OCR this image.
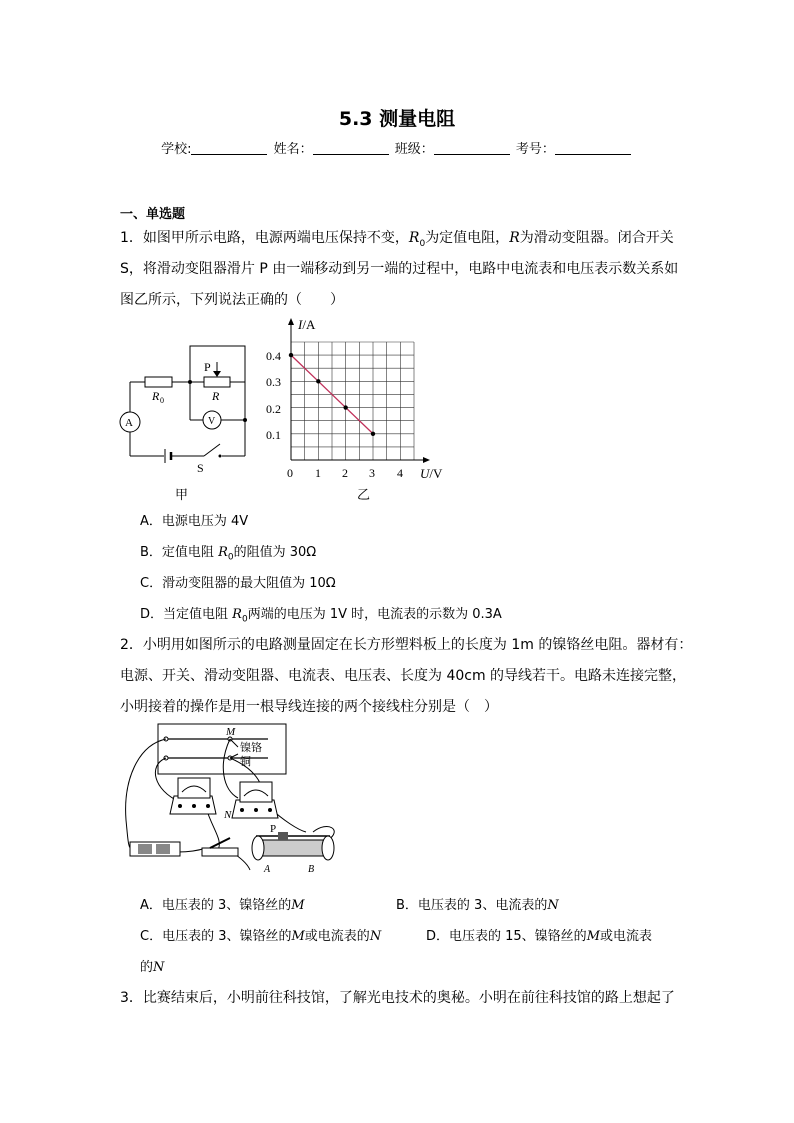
5.3 测量电阻
学校:	姓名：	班级：	考号：
一、单选题
1．如图甲所示电路，电源两端电压保持不变，$R_0$为定值电阻，R为滑动变阻器。闭合开关
S，将滑动变阻器滑片 P 由一端移动到另一端的过程中，电路中电流表和电压表示数关系如
图乙所示，下列说法正确的（　　）
P
R 0	R
A	V
S
甲
I/A
U/V
0.4
0.3
0.2
0.1
0 1 2 3 4
乙
A．电源电压为 4V
B．定值电阻 $R_0$的阻值为 30Ω
C．滑动变阻器的最大阻值为 10Ω
D．当定值电阻 $R_0$两端的电压为 1V 时，电流表的示数为 0.3A
2．小明用如图所示的电路测量固定在长方形塑料板上的长度为 1m 的镍铬丝电阻。器材有：
电源、开关、滑动变阻器、电流表、电压表、长度为 40cm 的导线若干。电路未连接完整，
小明接着的操作是用一根导线连接的两个接线柱分别是（　）
M
镍铬
铜
N
P
A	B
A．电压表的 3、镍铬丝的M	B．电压表的 3、电流表的N
C．电压表的 3、镍铬丝的M或电流表的N	D．电压表的 15、镍铬丝的M或电流表
的N
3．比赛结束后，小明前往科技馆，了解光电技术的奥秘。小明在前往科技馆的路上想起了
